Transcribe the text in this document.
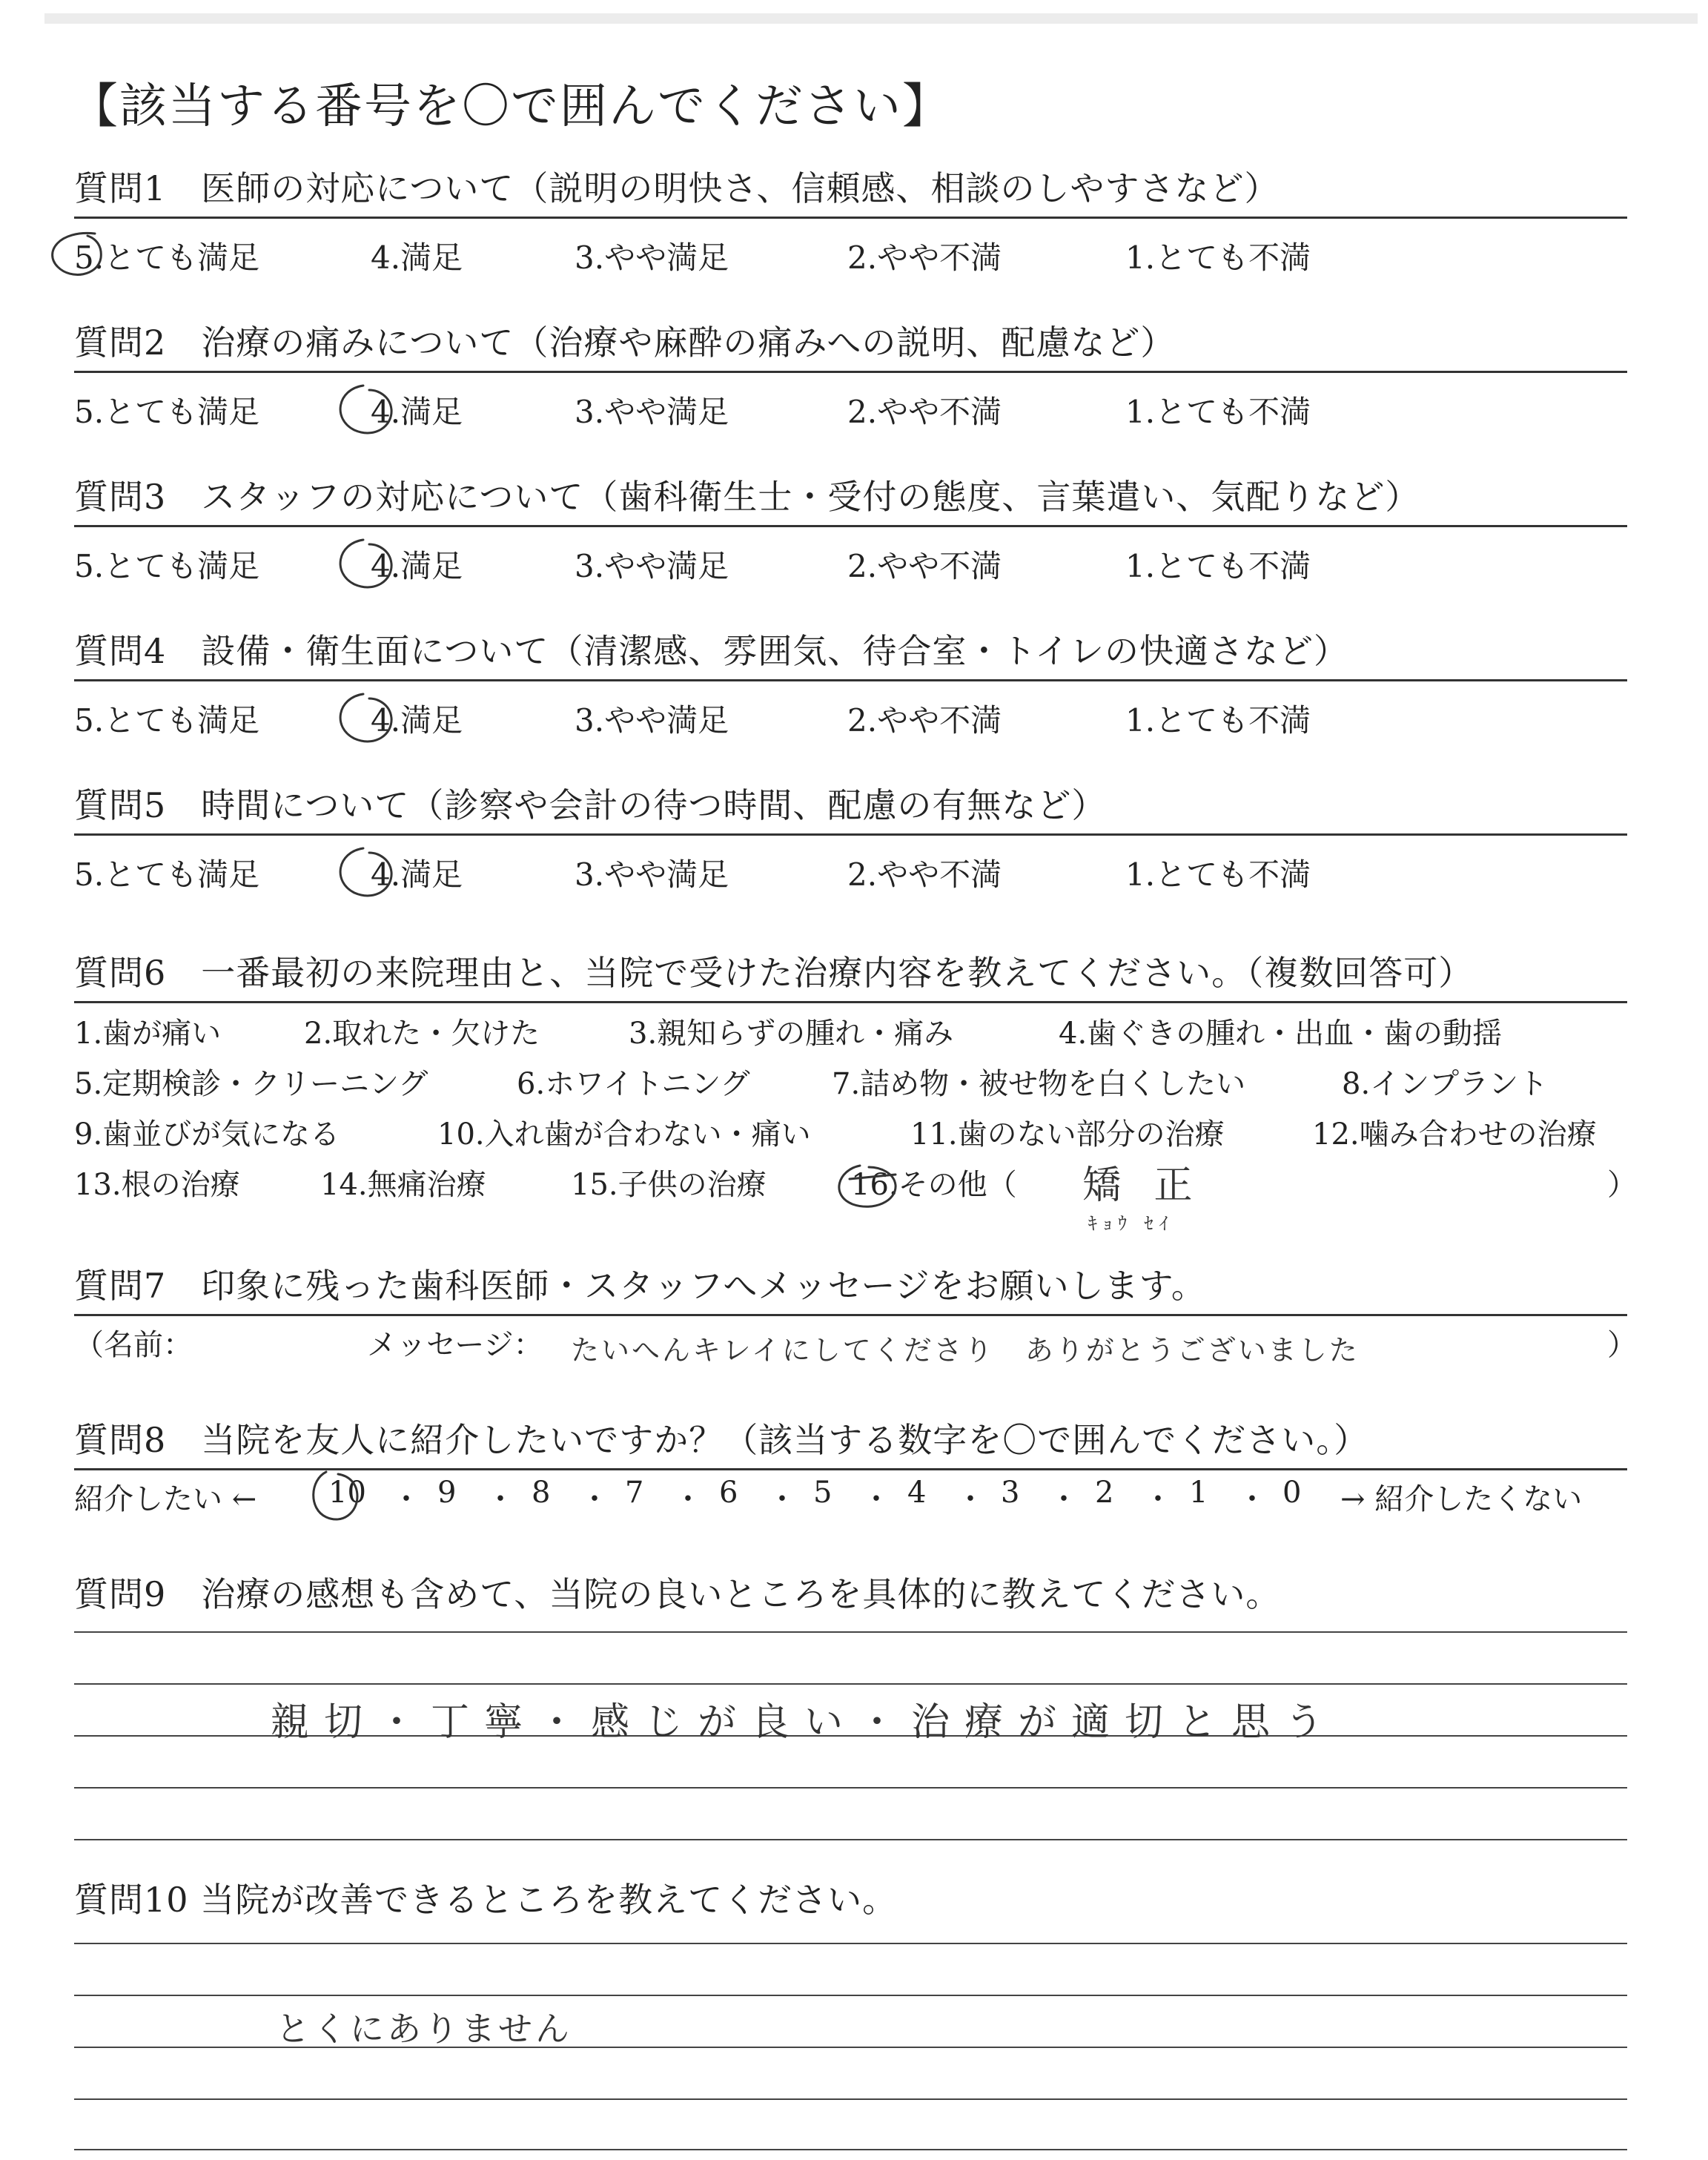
【該当する番号を〇で囲んでください】
質問1　医師の対応について（説明の明快さ、信頼感、相談のしやすさなど）
質問2　治療の痛みについて（治療や麻酔の痛みへの説明、配慮など）
質問3　スタッフの対応について（歯科衛生士・受付の態度、言葉遣い、気配りなど）
質問4　設備・衛生面について（清潔感、雰囲気、待合室・トイレの快適さなど）
質問5　時間について（診察や会計の待つ時間、配慮の有無など）
5.とても満足	4.満足	3.やや満足	2.やや不満	1.とても不満
5.とても満足	4.満足	3.やや満足	2.やや不満	1.とても不満
5.とても満足	4.満足	3.やや満足	2.やや不満	1.とても不満
5.とても満足	4.満足	3.やや満足	2.やや不満	1.とても不満
5.とても満足	4.満足	3.やや満足	2.やや不満	1.とても不満
質問6　一番最初の来院理由と、当院で受けた治療内容を教えてください。（複数回答可）
1.歯が痛い	2.取れた・欠けた	3.親知らずの腫れ・痛み	4.歯ぐきの腫れ・出血・歯の動揺
5.定期検診・クリーニング	6.ホワイトニング	7.詰め物・被せ物を白くしたい	8.インプラント
9.歯並びが気になる	10.入れ歯が合わない・痛い	11.歯のない部分の治療	12.噛み合わせの治療
13.根の治療	14.無痛治療	15.子供の治療	16.その他（	）
矯 正
ｷｮｳ ｾｲ
質問7　印象に残った歯科医師・スタッフへメッセージをお願いします。
（名前：	メッセージ： たいへんキレイにしてくださり　ありがとうございました	）
質問8　当院を友人に紹介したいですか？（該当する数字を〇で囲んでください。）
紹介したい ← 10 ・ 9 ・ 8 ・ 7 ・ 6 ・ 5 ・ 4 ・ 3 ・ 2 ・ 1 ・ 0 → 紹介したくない
質問9　治療の感想も含めて、当院の良いところを具体的に教えてください。
親切・丁寧・感じが良い・治療が適切と思う
質問10 当院が改善できるところを教えてください。
とくにありません
